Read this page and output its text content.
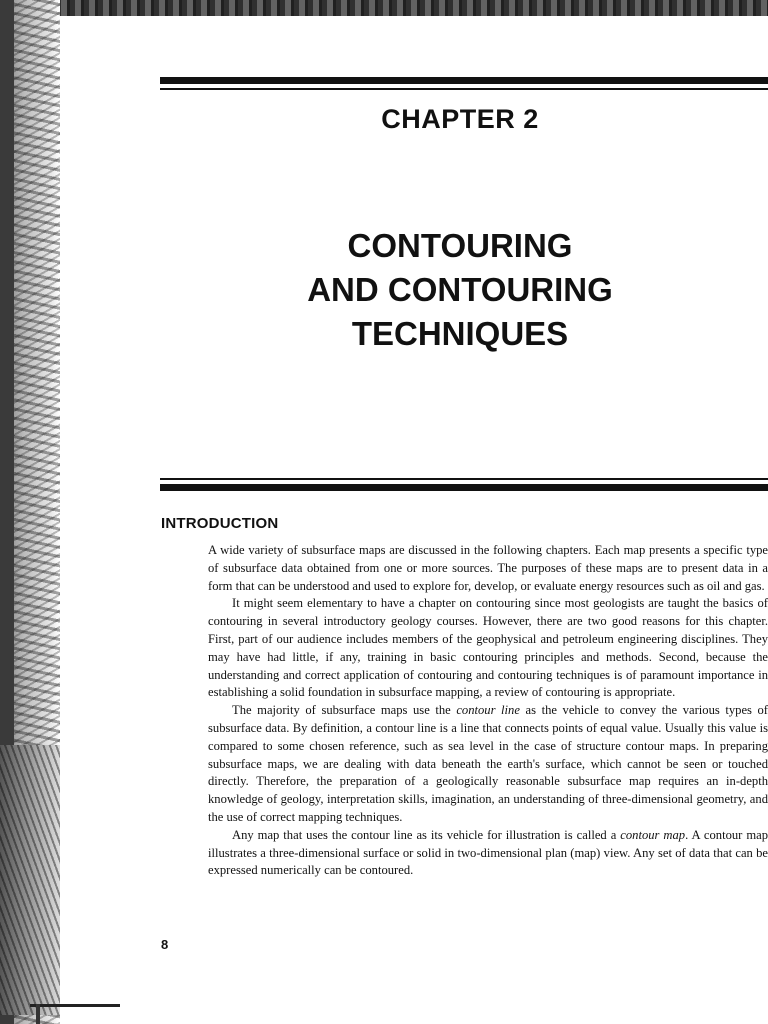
CHAPTER 2
CONTOURING
AND CONTOURING
TECHNIQUES
INTRODUCTION

A wide variety of subsurface maps are discussed in the following chapters. Each map presents a specific type of subsurface data obtained from one or more sources. The purposes of these maps are to present data in a form that can be understood and used to explore for, develop, or evaluate energy resources such as oil and gas.

It might seem elementary to have a chapter on contouring since most geologists are taught the basics of contouring in several introductory geology courses. However, there are two good reasons for this chapter. First, part of our audience includes members of the geophysical and petroleum engineering disciplines. They may have had little, if any, training in basic contouring principles and methods. Second, because the understanding and correct application of contouring and contouring techniques is of paramount importance in establishing a solid foundation in subsurface mapping, a review of contouring is appropriate.

The majority of subsurface maps use the contour line as the vehicle to convey the various types of subsurface data. By definition, a contour line is a line that connects points of equal value. Usually this value is compared to some chosen reference, such as sea level in the case of structure contour maps. In preparing subsurface maps, we are dealing with data beneath the earth's surface, which cannot be seen or touched directly. Therefore, the preparation of a geologically reasonable subsurface map requires an in-depth knowledge of geology, interpretation skills, imagination, an understanding of three-dimensional geometry, and the use of correct mapping techniques.

Any map that uses the contour line as its vehicle for illustration is called a contour map. A contour map illustrates a three-dimensional surface or solid in two-dimensional plan (map) view. Any set of data that can be expressed numerically can be contoured.

8
